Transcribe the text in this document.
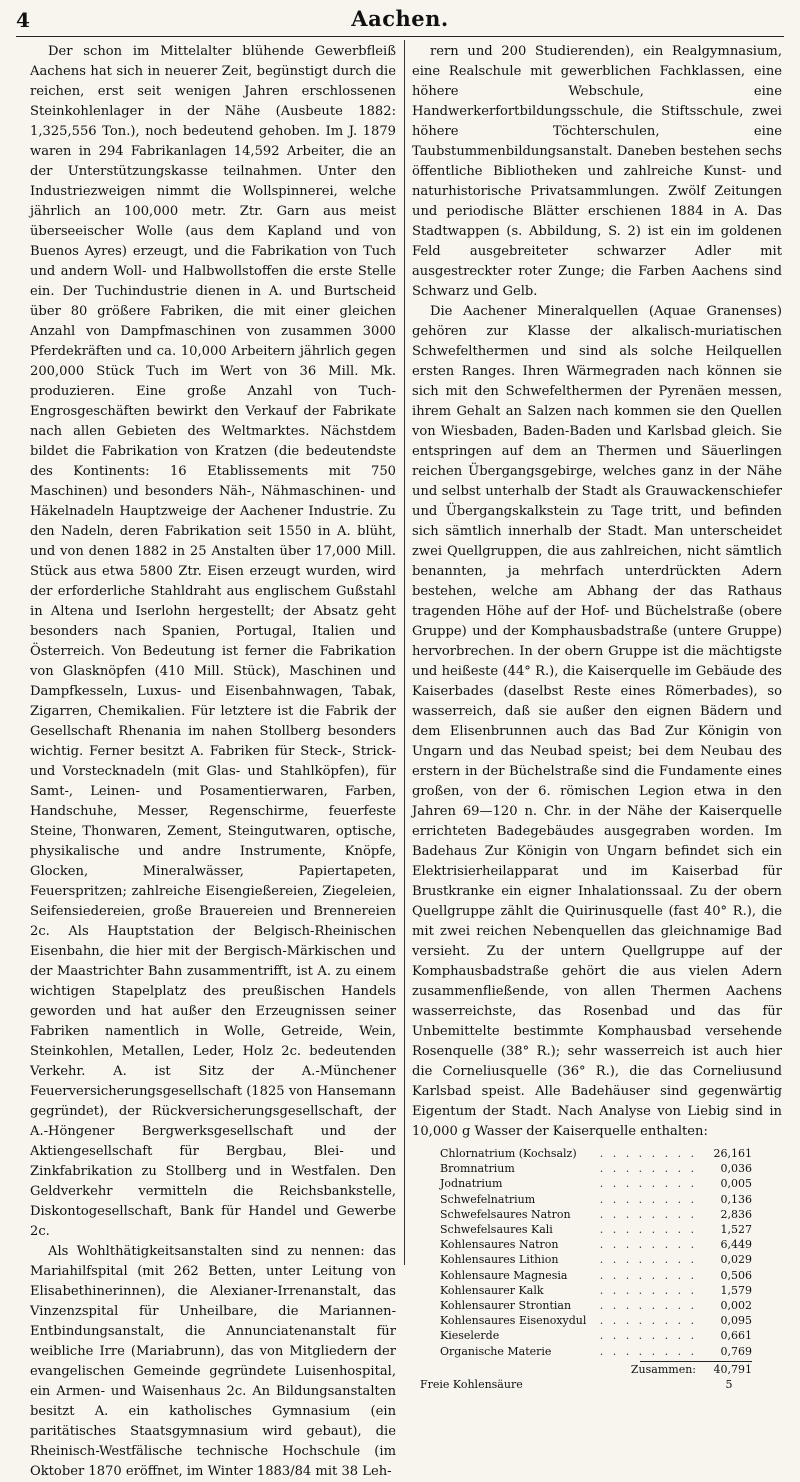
4	Aachen.

Der schon im Mittelalter blühende Gewerbfleiß Aachens hat sich in neuerer Zeit, begünstigt durch die reichen, erst seit wenigen Jahren erschlossenen Steinkohlenlager in der Nähe (Ausbeute 1882: 1,325,556 Ton.), noch bedeutend gehoben. Im J. 1879 waren in 294 Fabrikanlagen 14,592 Arbeiter, die an der Unterstützungskasse teilnahmen. Unter den Industriezweigen nimmt die Wollspinnerei, welche jährlich an 100,000 metr. Ztr. Garn aus meist überseeischer Wolle (aus dem Kapland und von Buenos Ayres) erzeugt, und die Fabrikation von Tuch und andern Woll- und Halbwollstoffen die erste Stelle ein. Der Tuchindustrie dienen in A. und Burtscheid über 80 größere Fabriken, die mit einer gleichen Anzahl von Dampfmaschinen von zusammen 3000 Pferdekräften und ca. 10,000 Arbeitern jährlich gegen 200,000 Stück Tuch im Wert von 36 Mill. Mk. produzieren. Eine große Anzahl von Tuch-Engrosgeschäften bewirkt den Verkauf der Fabrikate nach allen Gebieten des Weltmarktes. Nächstdem bildet die Fabrikation von Kratzen (die bedeutendste des Kontinents: 16 Etablissements mit 750 Maschinen) und besonders Näh-, Nähmaschinen- und Häkelnadeln Hauptzweige der Aachener Industrie. Zu den Nadeln, deren Fabrikation seit 1550 in A. blüht, und von denen 1882 in 25 Anstalten über 17,000 Mill. Stück aus etwa 5800 Ztr. Eisen erzeugt wurden, wird der erforderliche Stahldraht aus englischem Gußstahl in Altena und Iserlohn hergestellt; der Absatz geht besonders nach Spanien, Portugal, Italien und Österreich. Von Bedeutung ist ferner die Fabrikation von Glasknöpfen (410 Mill. Stück), Maschinen und Dampfkesseln, Luxus- und Eisenbahnwagen, Tabak, Zigarren, Chemikalien. Für letztere ist die Fabrik der Gesellschaft Rhenania im nahen Stollberg besonders wichtig. Ferner besitzt A. Fabriken für Steck-, Strick- und Vorstecknadeln (mit Glas- und Stahlköpfen), für Samt-, Leinen- und Posamentierwaren, Farben, Handschuhe, Messer, Regenschirme, feuerfeste Steine, Thonwaren, Zement, Steingutwaren, optische, physikalische und andre Instrumente, Knöpfe, Glocken, Mineralwässer, Papiertapeten, Feuerspritzen; zahlreiche Eisengießereien, Ziegeleien, Seifensiedereien, große Brauereien und Brennereien 2c. Als Hauptstation der Belgisch-Rheinischen Eisenbahn, die hier mit der Bergisch-Märkischen und der Maastrichter Bahn zusammentrifft, ist A. zu einem wichtigen Stapelplatz des preußischen Handels geworden und hat außer den Erzeugnissen seiner Fabriken namentlich in Wolle, Getreide, Wein, Steinkohlen, Metallen, Leder, Holz 2c. bedeutenden Verkehr. A. ist Sitz der A.-Münchener Feuerversicherungsgesellschaft (1825 von Hansemann gegründet), der Rückversicherungsgesellschaft, der A.-Höngener Bergwerksgesellschaft und der Aktiengesellschaft für Bergbau, Blei- und Zinkfabrikation zu Stollberg und in Westfalen. Den Geldverkehr vermitteln die Reichsbankstelle, Diskontogesellschaft, Bank für Handel und Gewerbe 2c.

Als Wohlthätigkeitsanstalten sind zu nennen: das Mariahilfspital (mit 262 Betten, unter Leitung von Elisabethinerinnen), die Alexianer-Irrenanstalt, das Vinzenzspital für Unheilbare, die Mariannen-Entbindungsanstalt, die Annunciatenanstalt für weibliche Irre (Mariabrunn), das von Mitgliedern der evangelischen Gemeinde gegründete Luisenhospital, ein Armen- und Waisenhaus 2c. An Bildungsanstalten besitzt A. ein katholisches Gymnasium (ein paritätisches Staatsgymnasium wird gebaut), die Rheinisch-Westfälische technische Hochschule (im Oktober 1870 eröffnet, im Winter 1883/84 mit 38 Leh-

rern und 200 Studierenden), ein Realgymnasium, eine Realschule mit gewerblichen Fachklassen, eine höhere Webschule, eine Handwerkerfortbildungsschule, die Stiftsschule, zwei höhere Töchterschulen, eine Taubstummenbildungsanstalt. Daneben bestehen sechs öffentliche Bibliotheken und zahlreiche Kunst- und naturhistorische Privatsammlungen. Zwölf Zeitungen und periodische Blätter erschienen 1884 in A. Das Stadtwappen (s. Abbildung, S. 2) ist ein im goldenen Feld ausgebreiteter schwarzer Adler mit ausgestreckter roter Zunge; die Farben Aachens sind Schwarz und Gelb.

Die Aachener Mineralquellen (Aquae Granenses) gehören zur Klasse der alkalisch-muriatischen Schwefelthermen und sind als solche Heilquellen ersten Ranges. Ihren Wärmegraden nach können sie sich mit den Schwefelthermen der Pyrenäen messen, ihrem Gehalt an Salzen nach kommen sie den Quellen von Wiesbaden, Baden-Baden und Karlsbad gleich. Sie entspringen auf dem an Thermen und Säuerlingen reichen Übergangsgebirge, welches ganz in der Nähe und selbst unterhalb der Stadt als Grauwackenschiefer und Übergangskalkstein zu Tage tritt, und befinden sich sämtlich innerhalb der Stadt. Man unterscheidet zwei Quellgruppen, die aus zahlreichen, nicht sämtlich benannten, ja mehrfach unterdrückten Adern bestehen, welche am Abhang der das Rathaus tragenden Höhe auf der Hof- und Büchelstraße (obere Gruppe) und der Komphausbadstraße (untere Gruppe) hervorbrechen. In der obern Gruppe ist die mächtigste und heißeste (44° R.), die Kaiserquelle im Gebäude des Kaiserbades (daselbst Reste eines Römerbades), so wasserreich, daß sie außer den eignen Bädern und dem Elisenbrunnen auch das Bad Zur Königin von Ungarn und das Neubad speist; bei dem Neubau des erstern in der Büchelstraße sind die Fundamente eines großen, von der 6. römischen Legion etwa in den Jahren 69—120 n. Chr. in der Nähe der Kaiserquelle errichteten Badegebäudes ausgegraben worden. Im Badehaus Zur Königin von Ungarn befindet sich ein Elektrisierheilapparat und im Kaiserbad für Brustkranke ein eigner Inhalationssaal. Zu der obern Quellgruppe zählt die Quirinusquelle (fast 40° R.), die mit zwei reichen Nebenquellen das gleichnamige Bad versieht. Zu der untern Quellgruppe auf der Komphausbadstraße gehört die aus vielen Adern zusammenfließende, von allen Thermen Aachens wasserreichste, das Rosenbad und das für Unbemittelte bestimmte Komphausbad versehende Rosenquelle (38° R.); sehr wasserreich ist auch hier die Corneliusquelle (36° R.), die das Corneliusund Karlsbad speist. Alle Badehäuser sind gegenwärtig Eigentum der Stadt. Nach Analyse von Liebig sind in 10,000 g Wasser der Kaiserquelle enthalten:

Chlornatrium (Kochsalz)	. . . . . . . .	26,161
Bromnatrium	. . . . . . . .	0,036
Jodnatrium	. . . . . . . .	0,005
Schwefelnatrium	. . . . . . . .	0,136
Schwefelsaures Natron	. . . . . . . .	2,836
Schwefelsaures Kali	. . . . . . . .	1,527
Kohlensaures Natron	. . . . . . . .	6,449
Kohlensaures Lithion	. . . . . . . .	0,029
Kohlensaure Magnesia	. . . . . . . .	0,506
Kohlensaurer Kalk	. . . . . . . .	1,579
Kohlensaurer Strontian	. . . . . . . .	0,002
Kohlensaures Eisenoxydul	. . . . . . . .	0,095
Kieselerde	. . . . . . . .	0,661
Organische Materie	. . . . . . . .	0,769
Zusammen:	40,791
Freie Kohlensäure	5
